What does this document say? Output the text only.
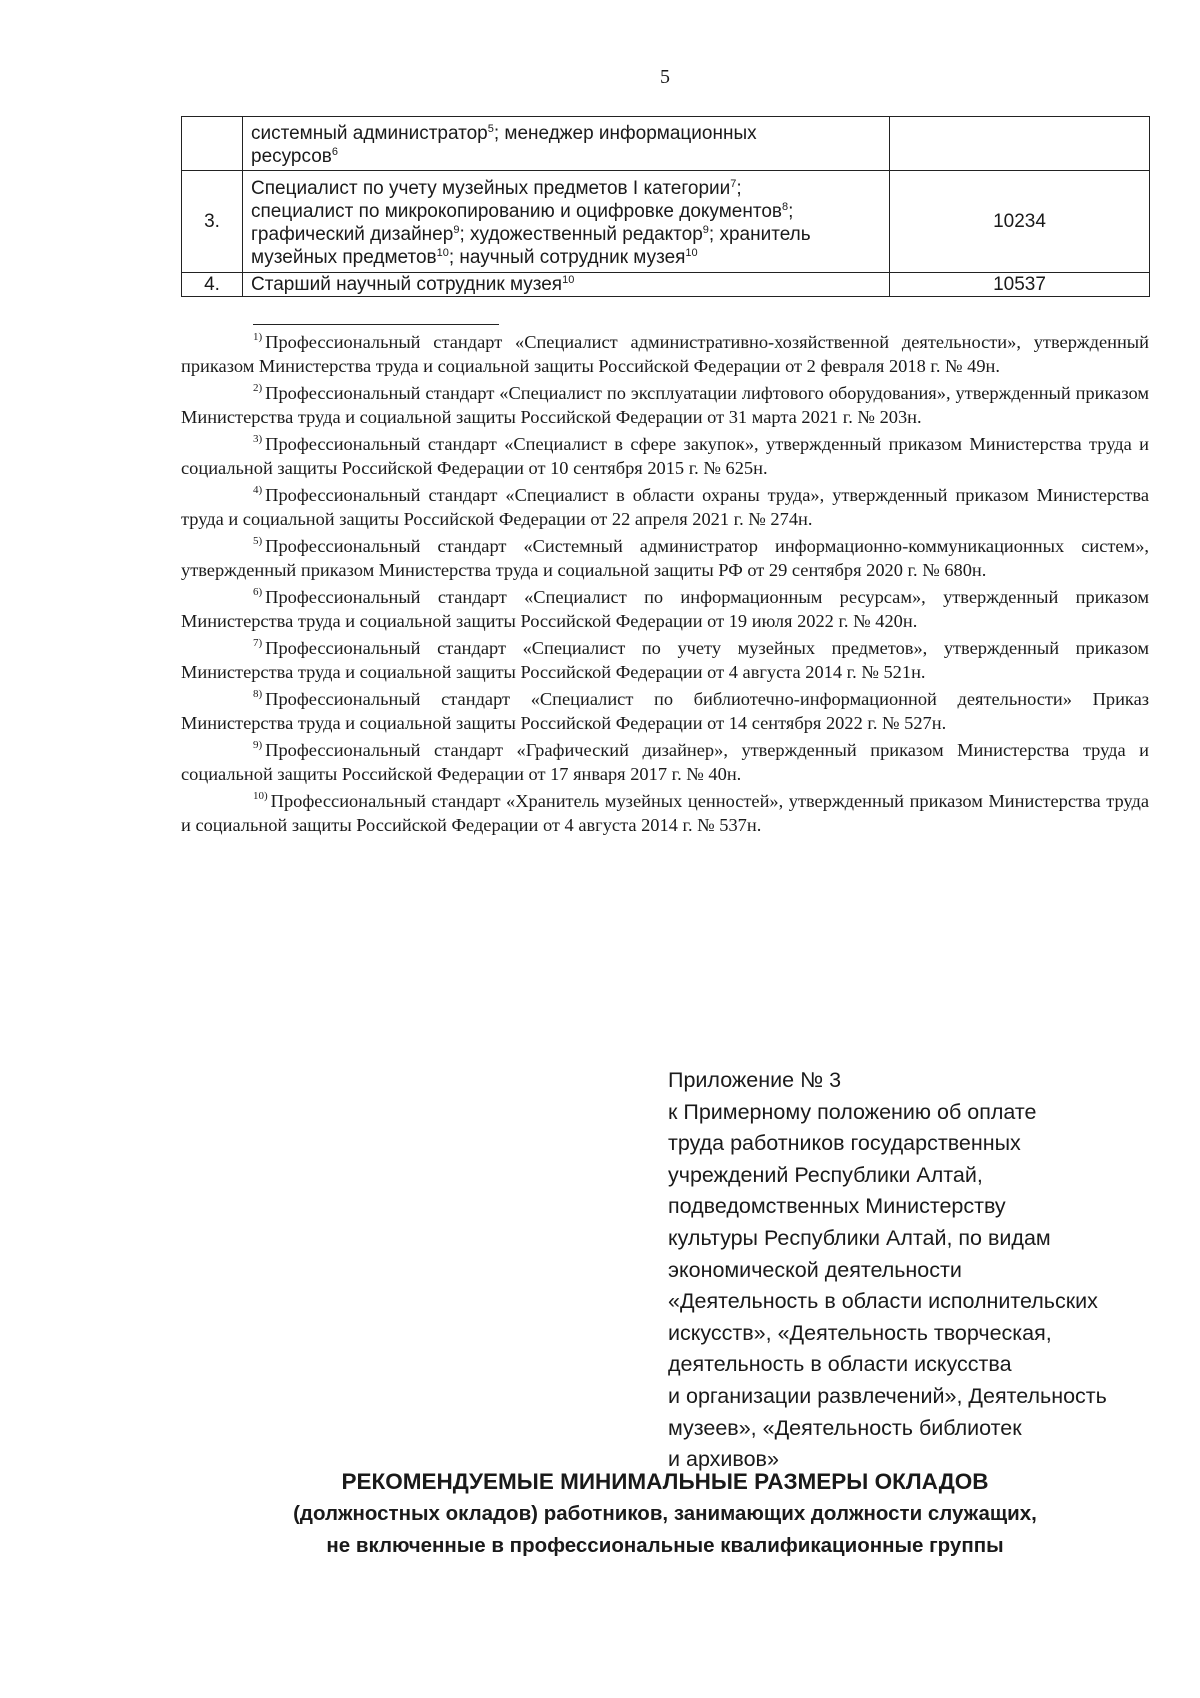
5
	системный администратор$^5$; менеджер информационных
ресурсов$^6$	
3.	Специалист по учету музейных предметов I категории$^7$;
специалист по микрокопированию и оцифровке документов$^8$;
графический дизайнер$^9$; художественный редактор$^9$; хранитель
музейных предметов$^{10}$; научный сотрудник музея$^{10}$	10234
4.	Старший научный сотрудник музея$^{10}$	10537

$^{1)}$ Профессиональный стандарт «Специалист административно-хозяйственной деятельности», утвержденный приказом Министерства труда и социальной защиты Российской Федерации от 2 февраля 2018 г. № 49н.

$^{2)}$ Профессиональный стандарт «Специалист по эксплуатации лифтового оборудования», утвержденный приказом Министерства труда и социальной защиты Российской Федерации от 31 марта 2021 г. № 203н.

$^{3)}$ Профессиональный стандарт «Специалист в сфере закупок», утвержденный приказом Министерства труда и социальной защиты Российской Федерации от 10 сентября 2015 г. № 625н.

$^{4)}$ Профессиональный стандарт «Специалист в области охраны труда», утвержденный приказом Министерства труда и социальной защиты Российской Федерации от 22 апреля 2021 г. № 274н.

$^{5)}$ Профессиональный стандарт «Системный администратор информационно-коммуникационных систем», утвержденный приказом Министерства труда и социальной защиты РФ от 29 сентября 2020 г. № 680н.

$^{6)}$ Профессиональный стандарт «Специалист по информационным ресурсам», утвержденный приказом Министерства труда и социальной защиты Российской Федерации от 19 июля 2022 г. № 420н.

$^{7)}$ Профессиональный стандарт «Специалист по учету музейных предметов», утвержденный приказом Министерства труда и социальной защиты Российской Федерации от 4 августа 2014 г. № 521н.

$^{8)}$ Профессиональный стандарт «Специалист по библиотечно-информационной деятельности» Приказ Министерства труда и социальной защиты Российской Федерации от 14 сентября 2022 г. № 527н.

$^{9)}$ Профессиональный стандарт «Графический дизайнер», утвержденный приказом Министерства труда и социальной защиты Российской Федерации от 17 января 2017 г. № 40н.

$^{10)}$ Профессиональный стандарт «Хранитель музейных ценностей», утвержденный приказом Министерства труда и социальной защиты Российской Федерации от 4 августа 2014 г. № 537н.

Приложение № 3
к Примерному положению об оплате
труда работников государственных
учреждений Республики Алтай,
подведомственных Министерству
культуры Республики Алтай, по видам
экономической деятельности
«Деятельность в области исполнительских
искусств», «Деятельность творческая,
деятельность в области искусства
и организации развлечений», Деятельность
музеев», «Деятельность библиотек
и архивов»
РЕКОМЕНДУЕМЫЕ МИНИМАЛЬНЫЕ РАЗМЕРЫ ОКЛАДОВ
(должностных окладов) работников, занимающих должности служащих,
не включенные в профессиональные квалификационные группы
